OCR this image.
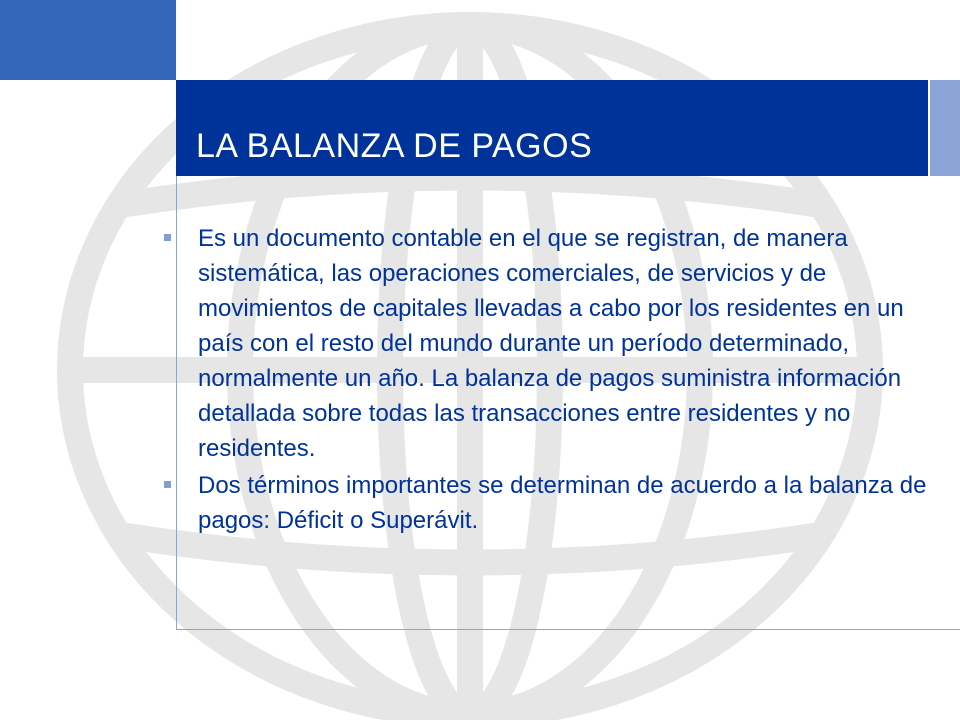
LA BALANZA DE PAGOS
Es un documento contable en el que se registran, de manera sistemática, las operaciones comerciales, de servicios y de movimientos de capitales llevadas a cabo por los residentes en un país con el resto del mundo durante un período determinado, normalmente un año. La balanza de pagos suministra información detallada sobre todas las transacciones entre residentes y no residentes.
Dos términos importantes se determinan de acuerdo a la balanza de pagos: Déficit o Superávit.
